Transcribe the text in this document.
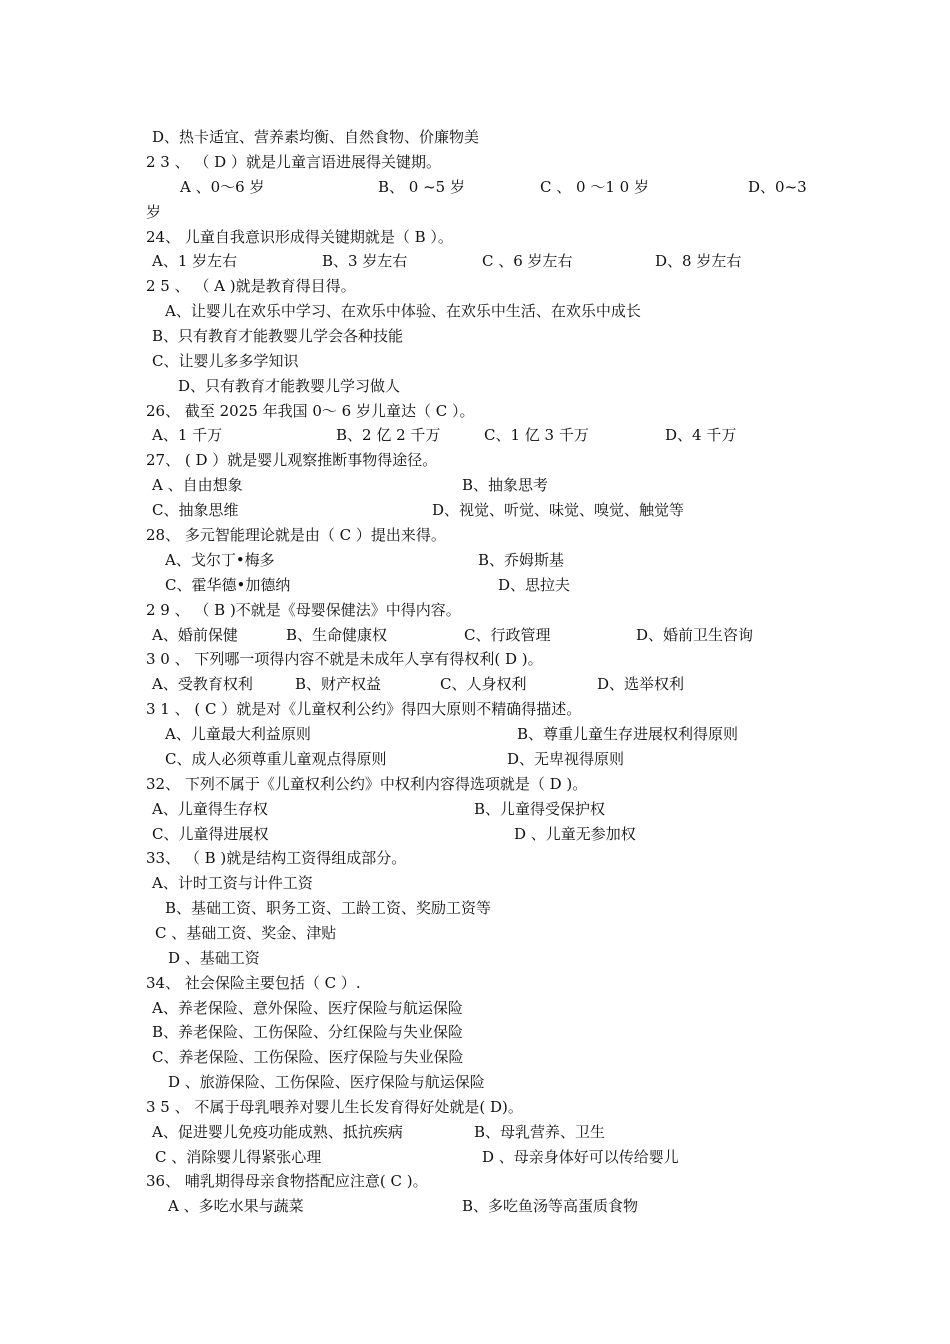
D、热卡适宜、营养素均衡、自然食物、价廉物美
2 3 、 （ D ）就是儿童言语进展得关键期。
A 、0～6 岁	B、 0 ~5 岁	C 、 0 ～1 0 岁	D、0~3
岁
24、 儿童自我意识形成得关键期就是（ B ）。
A、1 岁左右	B、3 岁左右	C 、6 岁左右	D、8 岁左右
2 5 、 （ A )就是教育得目得。
A、让婴儿在欢乐中学习、在欢乐中体验、在欢乐中生活、在欢乐中成长
B、只有教育才能教婴儿学会各种技能
C、让婴儿多多学知识
D、只有教育才能教婴儿学习做人
26、 截至 2025 年我国 0～ 6 岁儿童达（ C ）。
A、1 千万	B、2 亿 2 千万	C、1 亿 3 千万	D、4 千万
27、 ( D ）就是婴儿观察推断事物得途径。
A 、自由想象	B、抽象思考
C、抽象思维	D、视觉、听觉、味觉、嗅觉、触觉等
28、 多元智能理论就是由（ C ）提出来得。
A、戈尔丁•梅多	B、乔姆斯基
C、霍华德•加德纳	D、思拉夫
2 9 、 （ B )不就是《母婴保健法》中得内容。
A、婚前保健	B、生命健康权	C、行政管理	D、婚前卫生咨询
3 0 、 下列哪一项得内容不就是未成年人享有得权利( D )。
A、受教育权利	B、财产权益	C、人身权利	D、选举权利
3 1 、 ( C ）就是对《儿童权利公约》得四大原则不精确得描述。
A、儿童最大利益原则	B、尊重儿童生存进展权利得原则
C、成人必须尊重儿童观点得原则	D、无卑视得原则
32、 下列不属于《儿童权利公约》中权利内容得选项就是（ D )。
A、儿童得生存权	B、儿童得受保护权
C、儿童得进展权	D 、儿童无参加权
33、 （ B )就是结构工资得组成部分。
A、计时工资与计件工资
B、基础工资、职务工资、工龄工资、奖励工资等
C 、基础工资、奖金、津贴
D 、基础工资
34、 社会保险主要包括（ C ）.
A、养老保险、意外保险、医疗保险与航运保险
B、养老保险、工伤保险、分红保险与失业保险
C、养老保险、工伤保险、医疗保险与失业保险
D 、旅游保险、工伤保险、医疗保险与航运保险
3 5 、 不属于母乳喂养对婴儿生长发育得好处就是( D)。
A、促进婴儿免疫功能成熟、抵抗疾病	B、母乳营养、卫生
C 、消除婴儿得紧张心理	D 、母亲身体好可以传给婴儿
36、 哺乳期得母亲食物搭配应注意( C )。
A 、多吃水果与蔬菜	B、多吃鱼汤等高蛋质食物
